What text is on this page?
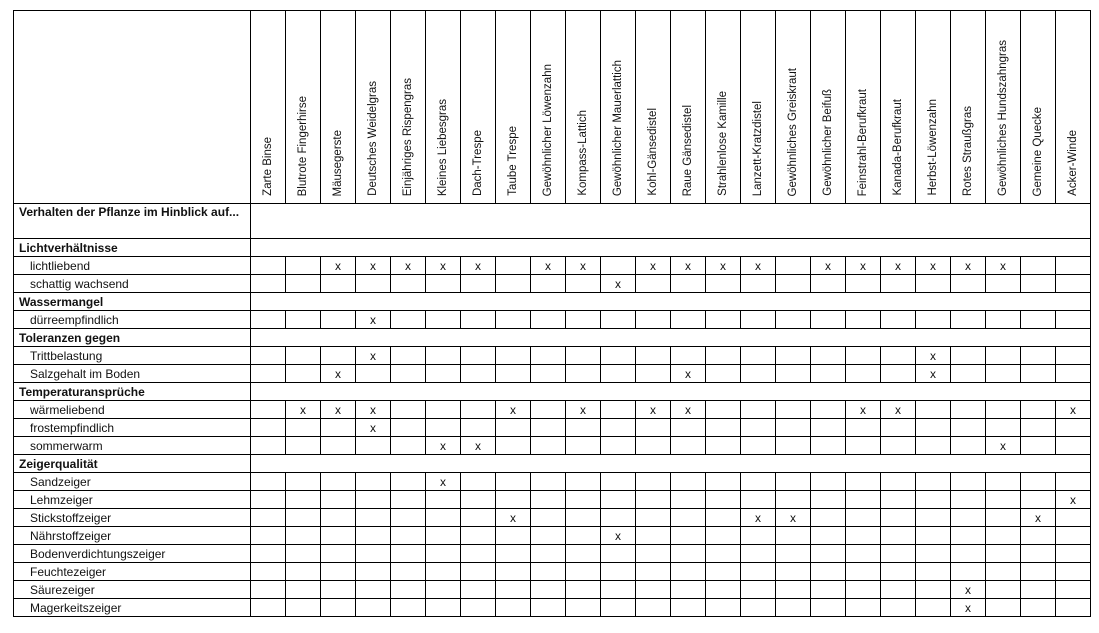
	Zarte Binse	Blutrote Fingerhirse	Mäusegerste	Deutsches Weidelgras	Einjähriges Rispengras	Kleines Liebesgras	Dach-Trespe	Taube Trespe	Gewöhnlicher Löwenzahn	Kompass-Lattich	Gewöhnlicher Mauerlattich	Kohl-Gänsedistel	Raue Gänsedistel	Strahlenlose Kamille	Lanzett-Kratzdistel	Gewöhnliches Greiskraut	Gewöhnlicher Beifuß	Feinstrahl-Berufkraut	Kanada-Berufkraut	Herbst-Löwenzahn	Rotes Straußgras	Gewöhnliches Hundszahngras	Gemeine Quecke	Acker-Winde

Verhalten der Pflanze im Hinblick auf...																								
Lichtverhältnisse																								
lichtliebend			x	x	x	x	x		x	x		x	x	x	x		x	x	x	x	x	x		
schattig wachsend											x													
Wassermangel																								
dürreempfindlich				x																				
Toleranzen gegen																								
Trittbelastung				x																x				
Salzgehalt im Boden			x										x							x				
Temperaturansprüche																								
wärmeliebend		x	x	x				x		x		x	x					x	x					x
frostempfindlich				x																				
sommerwarm						x	x															x		
Zeigerqualität																								
Sandzeiger						x																		
Lehmzeiger																								x
Stickstoffzeiger								x							x	x							x	
Nährstoffzeiger											x													
Bodenverdichtungszeiger																								
Feuchtezeiger																								
Säurezeiger																					x			
Magerkeitszeiger																					x			
